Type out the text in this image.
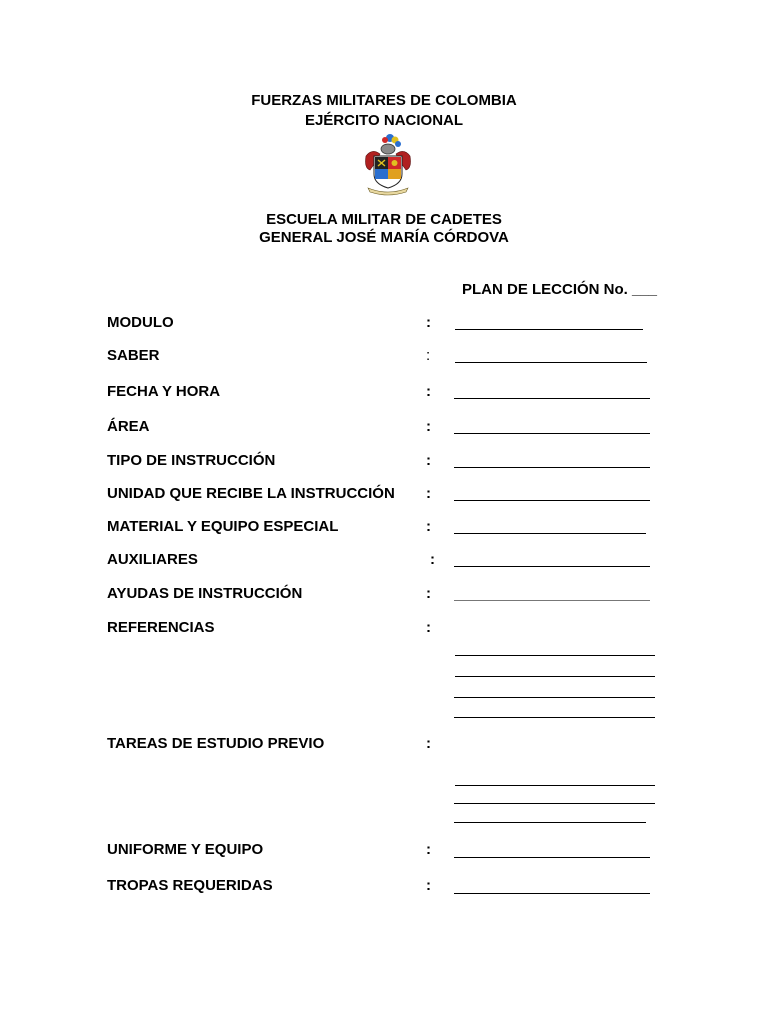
FUERZAS MILITARES DE COLOMBIA
EJÉRCITO NACIONAL
ESCUELA MILITAR DE CADETES
GENERAL JOSÉ MARÍA CÓRDOVA
PLAN DE LECCIÓN No. ___
MODULO	:
SABER	:
FECHA Y HORA	:
ÁREA	:
TIPO DE INSTRUCCIÓN	:
UNIDAD QUE RECIBE LA INSTRUCCIÓN :
MATERIAL Y EQUIPO ESPECIAL	:
AUXILIARES	:
AYUDAS DE INSTRUCCIÓN	:
REFERENCIAS	:
TAREAS DE ESTUDIO PREVIO	:
UNIFORME Y EQUIPO	:
TROPAS REQUERIDAS	:
